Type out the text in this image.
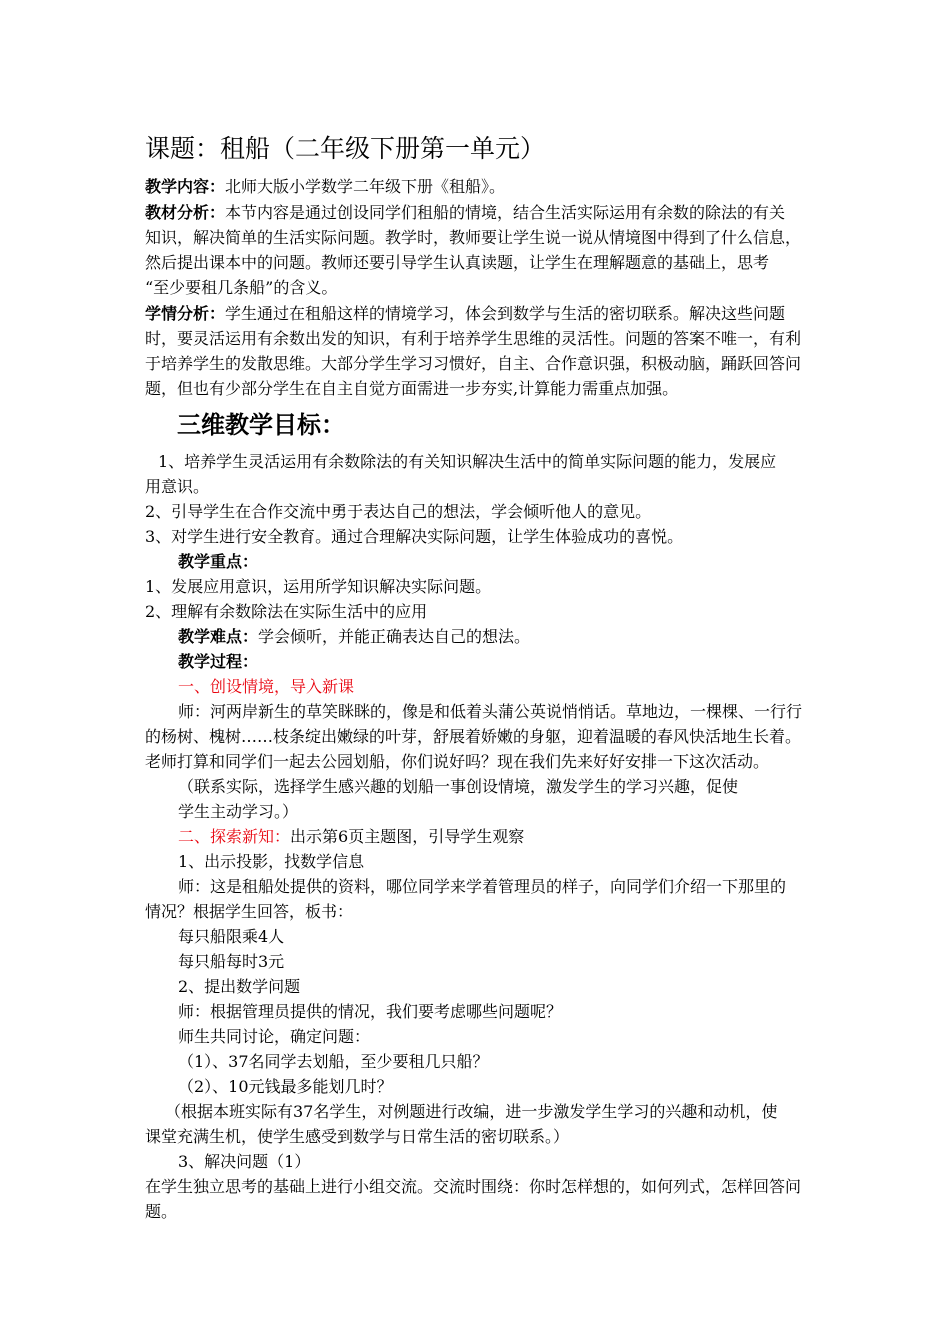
课题：租船（二年级下册第一单元）
教学内容：北师大版小学数学二年级下册《租船》。
教材分析：本节内容是通过创设同学们租船的情境，结合生活实际运用有余数的除法的有关
知识，解决简单的生活实际问题。教学时，教师要让学生说一说从情境图中得到了什么信息，
然后提出课本中的问题。教师还要引导学生认真读题，让学生在理解题意的基础上，思考
“至少要租几条船”的含义。
学情分析：学生通过在租船这样的情境学习，体会到数学与生活的密切联系。解决这些问题
时，要灵活运用有余数出发的知识，有利于培养学生思维的灵活性。问题的答案不唯一，有利
于培养学生的发散思维。大部分学生学习习惯好，自主、合作意识强，积极动脑，踊跃回答问
题，但也有少部分学生在自主自觉方面需进一步夯实,计算能力需重点加强。
三维教学目标：
1、培养学生灵活运用有余数除法的有关知识解决生活中的简单实际问题的能力，发展应
用意识。
2、引导学生在合作交流中勇于表达自己的想法，学会倾听他人的意见。
3、对学生进行安全教育。通过合理解决实际问题，让学生体验成功的喜悦。
教学重点：
1、发展应用意识，运用所学知识解决实际问题。
2、理解有余数除法在实际生活中的应用
教学难点：学会倾听，并能正确表达自己的想法。
教学过程：
一、创设情境，导入新课
师：河两岸新生的草笑眯眯的，像是和低着头蒲公英说悄悄话。草地边，一棵棵、一行行
的杨树、槐树……枝条绽出嫩绿的叶芽，舒展着娇嫩的身躯，迎着温暖的春风快活地生长着。
老师打算和同学们一起去公园划船，你们说好吗？现在我们先来好好安排一下这次活动。
（联系实际，选择学生感兴趣的划船一事创设情境，激发学生的学习兴趣，促使
学生主动学习。）
二、探索新知：出示第6页主题图，引导学生观察
1、出示投影，找数学信息
师：这是租船处提供的资料，哪位同学来学着管理员的样子，向同学们介绍一下那里的
情况？根据学生回答，板书：
每只船限乘4人
每只船每时3元
2、提出数学问题
师：根据管理员提供的情况，我们要考虑哪些问题呢？
师生共同讨论，确定问题：
（1）、37名同学去划船，至少要租几只船？
（2）、10元钱最多能划几时？
（根据本班实际有37名学生，对例题进行改编，进一步激发学生学习的兴趣和动机，使
课堂充满生机，使学生感受到数学与日常生活的密切联系。）
3、解决问题（1）
在学生独立思考的基础上进行小组交流。交流时围绕：你时怎样想的，如何列式，怎样回答问
题。
